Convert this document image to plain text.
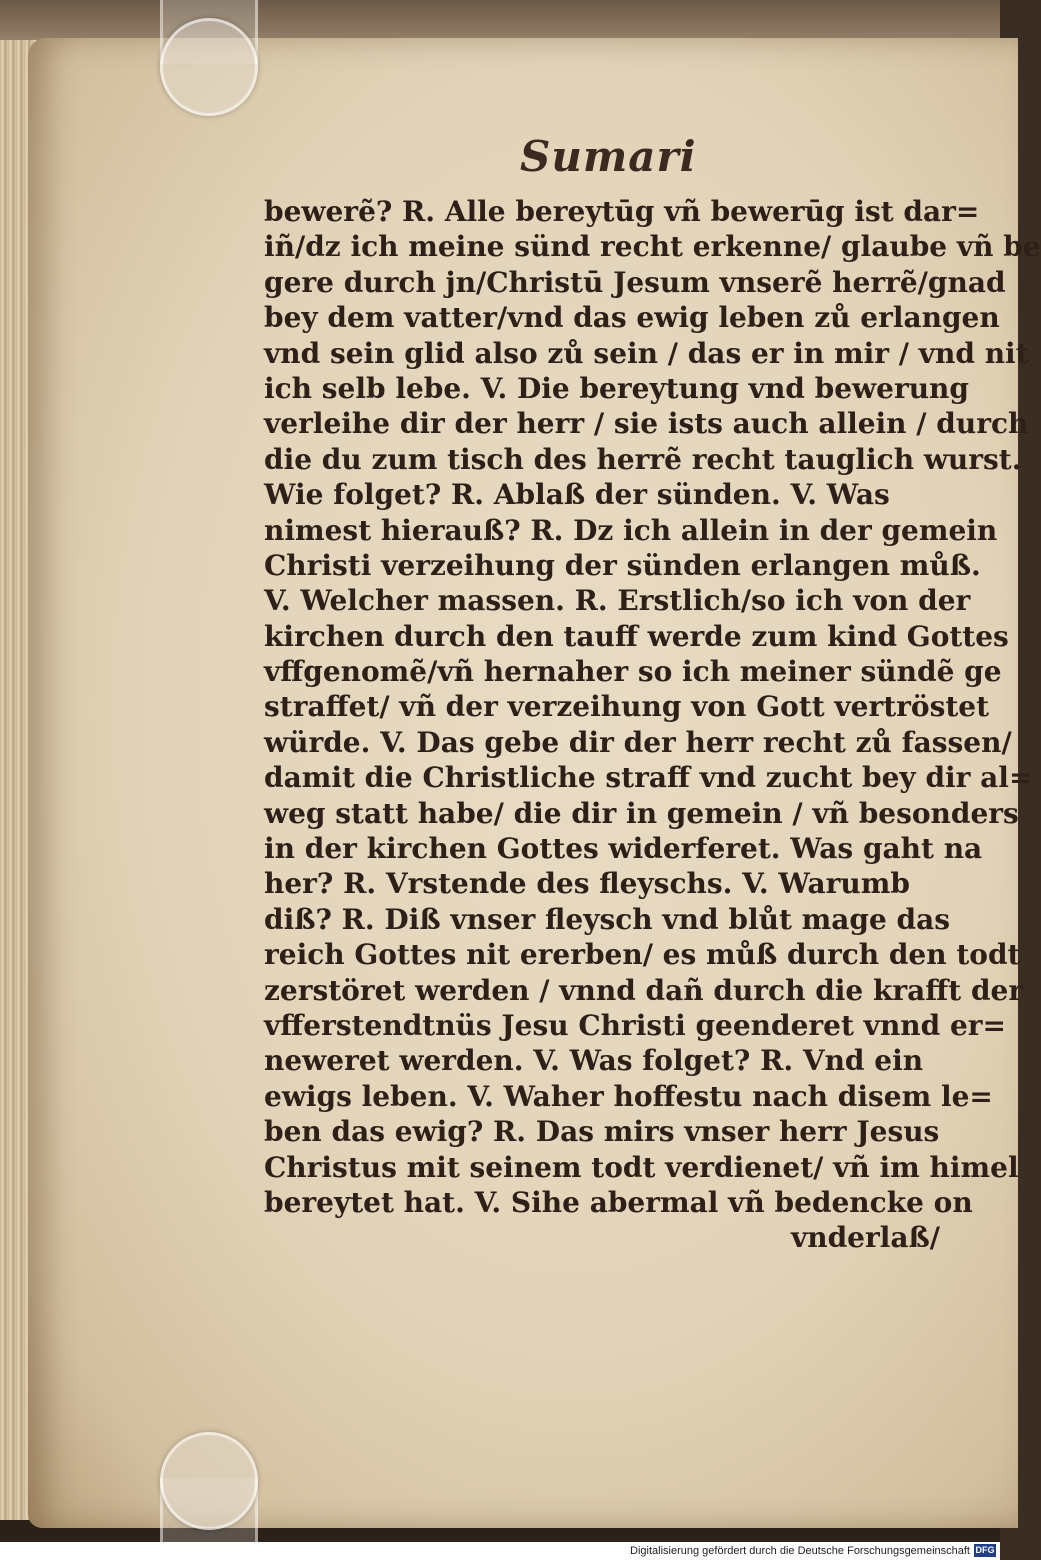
Sumari
bewerẽ? R. Alle bereytūg vñ bewerūg ist dar=
iñ/dz ich meine sünd recht erkenne/ glaube vñ be
gere durch jn/Christū Jesum vnserẽ herrẽ/gnad
bey dem vatter/vnd das ewig leben zů erlangen
vnd sein glid also zů sein / das er in mir / vnd nit
ich selb lebe. V. Die bereytung vnd bewerung
verleihe dir der herr / sie ists auch allein / durch
die du zum tisch des herrẽ recht tauglich wurst.
Wie folget? R. Ablaß der sünden. V. Was
nimest hierauß? R. Dz ich allein in der gemein
Christi verzeihung der sünden erlangen můß.
V. Welcher massen. R. Erstlich/so ich von der
kirchen durch den tauff werde zum kind Gottes
vffgenomẽ/vñ hernaher so ich meiner sündẽ ge
straffet/ vñ der verzeihung von Gott vertröstet
würde. V. Das gebe dir der herr recht zů fassen/
damit die Christliche straff vnd zucht bey dir al=
weg statt habe/ die dir in gemein / vñ besonders
in der kirchen Gottes widerferet. Was gaht na
her? R. Vrstende des fleyschs. V. Warumb
diß? R. Diß vnser fleysch vnd blůt mage das
reich Gottes nit ererben/ es můß durch den todt
zerstöret werden / vnnd dañ durch die krafft der
vfferstendtnüs Jesu Christi geenderet vnnd er=
neweret werden. V. Was folget? R. Vnd ein
ewigs leben. V. Waher hoffestu nach disem le=
ben das ewig? R. Das mirs vnser herr Jesus
Christus mit seinem todt verdienet/ vñ im himel
bereytet hat. V. Sihe abermal vñ bedencke on
vnderlaß/
Digitalisierung gefördert durch die Deutsche Forschungsgemeinschaft DFG
